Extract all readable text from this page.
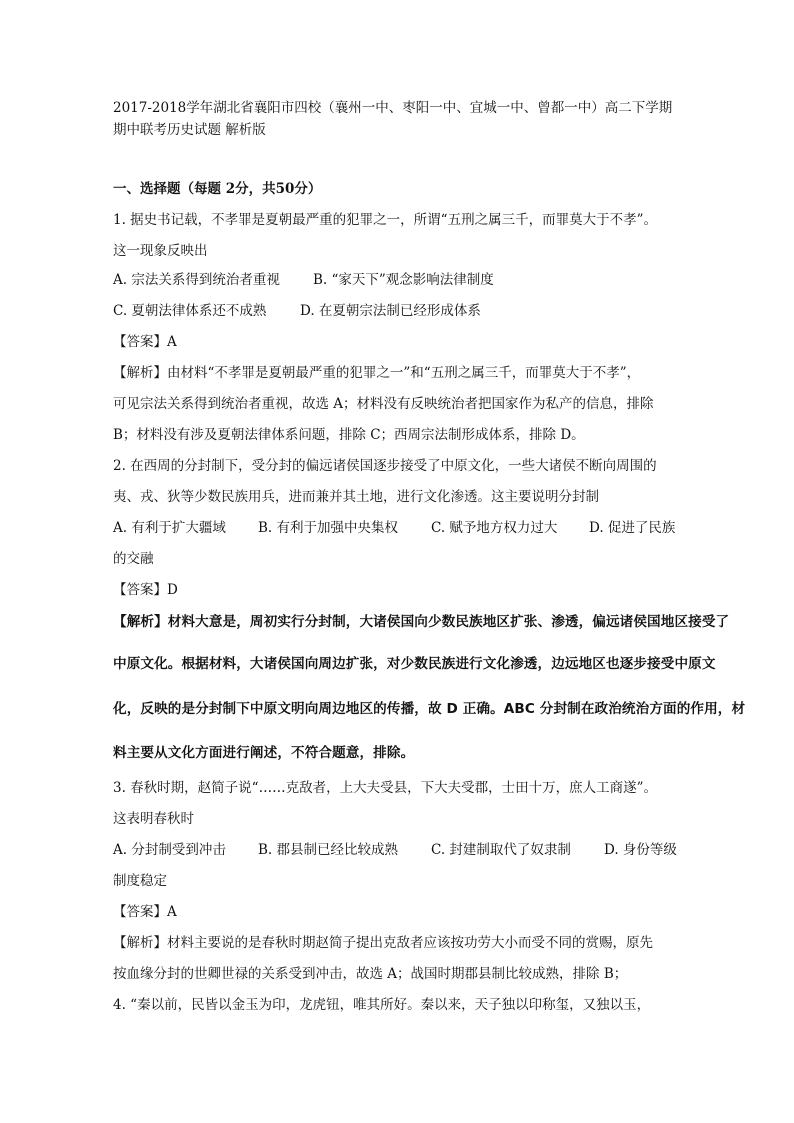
2017-2018学年湖北省襄阳市四校（襄州一中、枣阳一中、宜城一中、曾都一中）高二下学期
期中联考历史试题 解析版
一、选择题（每题 2分，共50分）
1. 据史书记载，不孝罪是夏朝最严重的犯罪之一，所谓“五刑之属三千，而罪莫大于不孝”。
这一现象反映出
A. 宗法关系得到统治者重视 B. “家天下”观念影响法律制度
C. 夏朝法律体系还不成熟 D. 在夏朝宗法制已经形成体系
【答案】A
【解析】由材料“不孝罪是夏朝最严重的犯罪之一”和“五刑之属三千，而罪莫大于不孝”，
可见宗法关系得到统治者重视，故选 A；材料没有反映统治者把国家作为私产的信息，排除
B；材料没有涉及夏朝法律体系问题，排除 C；西周宗法制形成体系，排除 D。
2. 在西周的分封制下，受分封的偏远诸侯国逐步接受了中原文化，一些大诸侯不断向周围的
夷、戎、狄等少数民族用兵，进而兼并其土地，进行文化渗透。这主要说明分封制
A. 有利于扩大疆域 B. 有利于加强中央集权 C. 赋予地方权力过大 D. 促进了民族
的交融
【答案】D
【解析】材料大意是，周初实行分封制，大诸侯国向少数民族地区扩张、渗透，偏远诸侯国地区接受了
中原文化。根据材料，大诸侯国向周边扩张，对少数民族进行文化渗透，边远地区也逐步接受中原文
化，反映的是分封制下中原文明向周边地区的传播，故 D 正确。ABC 分封制在政治统治方面的作用，材
料主要从文化方面进行阐述，不符合题意，排除。
3. 春秋时期，赵简子说“……克敌者，上大夫受县，下大夫受郡，士田十万，庶人工商遂”。
这表明春秋时
A. 分封制受到冲击 B. 郡县制已经比较成熟 C. 封建制取代了奴隶制 D. 身份等级
制度稳定
【答案】A
【解析】材料主要说的是春秋时期赵简子提出克敌者应该按功劳大小而受不同的赏赐，原先
按血缘分封的世卿世禄的关系受到冲击，故选 A；战国时期郡县制比较成熟，排除 B；
4. “秦以前，民皆以金玉为印，龙虎钮，唯其所好。秦以来，天子独以印称玺，又独以玉，
